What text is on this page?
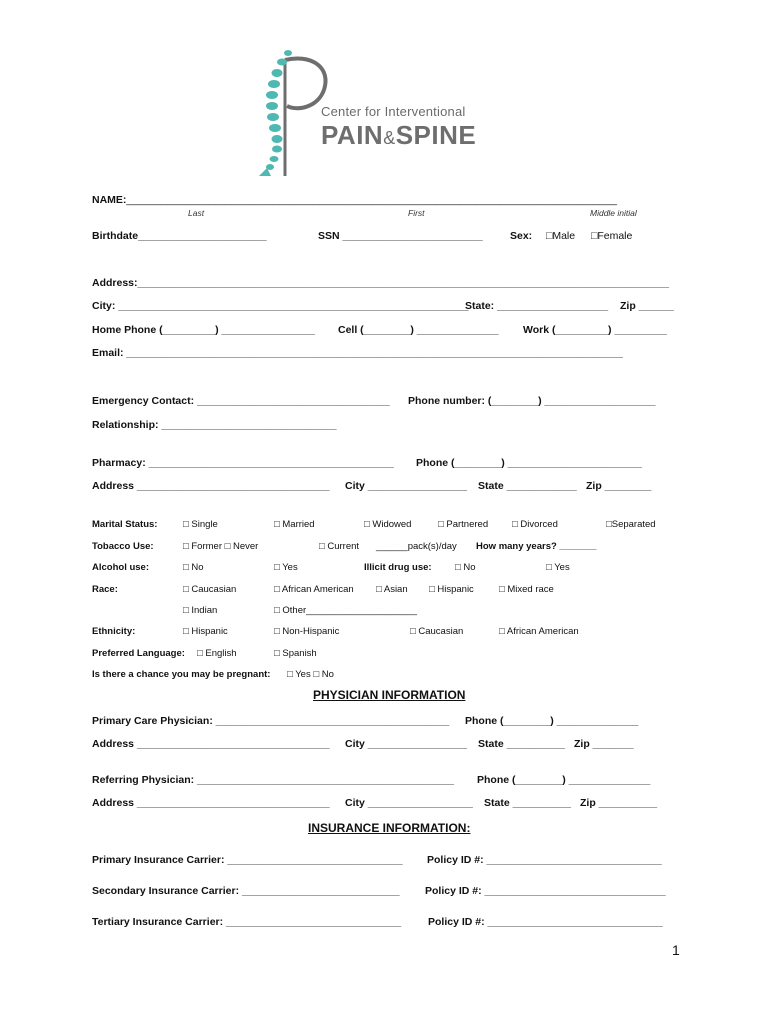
Center for Interventional
PAIN&SPINE
NAME:____________________________________________________________________________________
Last	First	Middle initial
Birthdate______________________	SSN ________________________	Sex: □Male □Female
Address:___________________________________________________________________________________________
City: ____________________________________________________________
State: ___________________ Zip ______
Home Phone (_________) ________________ Cell (________) ______________ Work (_________) _________
Email: _____________________________________________________________________________________
Emergency Contact: _________________________________ Phone number: (________) ___________________
Relationship: ______________________________
Pharmacy: __________________________________________ Phone (________) _______________________
Address _________________________________ City _________________ State ____________ Zip ________
Marital Status:	□ Single	□ Married	□ Widowed	□ Partnered	□ Divorced	□Separated
Tobacco Use:	□ Former □ Never	□ Current ______pack(s)/day How many years? _______
Alcohol use:	□ No	□ Yes	Illicit drug use: □ No	□ Yes
Race:	□ Caucasian	□ African American □ Asian □ Hispanic	□ Mixed race
□ Indian	□ Other_____________________
Ethnicity:	□ Hispanic	□ Non-Hispanic	□ Caucasian	□ African American
Preferred Language: □ English	□ Spanish
Is there a chance you may be pregnant: □ Yes □ No
PHYSICIAN INFORMATION
Primary Care Physician: ________________________________________ Phone (________) ______________
Address _________________________________ City _________________ State __________ Zip _______
Referring Physician: ____________________________________________ Phone (________) ______________
Address _________________________________ City __________________ State __________ Zip __________
INSURANCE INFORMATION:
Primary Insurance Carrier: ______________________________ Policy ID #: ______________________________
Secondary Insurance Carrier: ___________________________ Policy ID #: _______________________________
Tertiary Insurance Carrier: ______________________________	Policy ID #: ______________________________
1
